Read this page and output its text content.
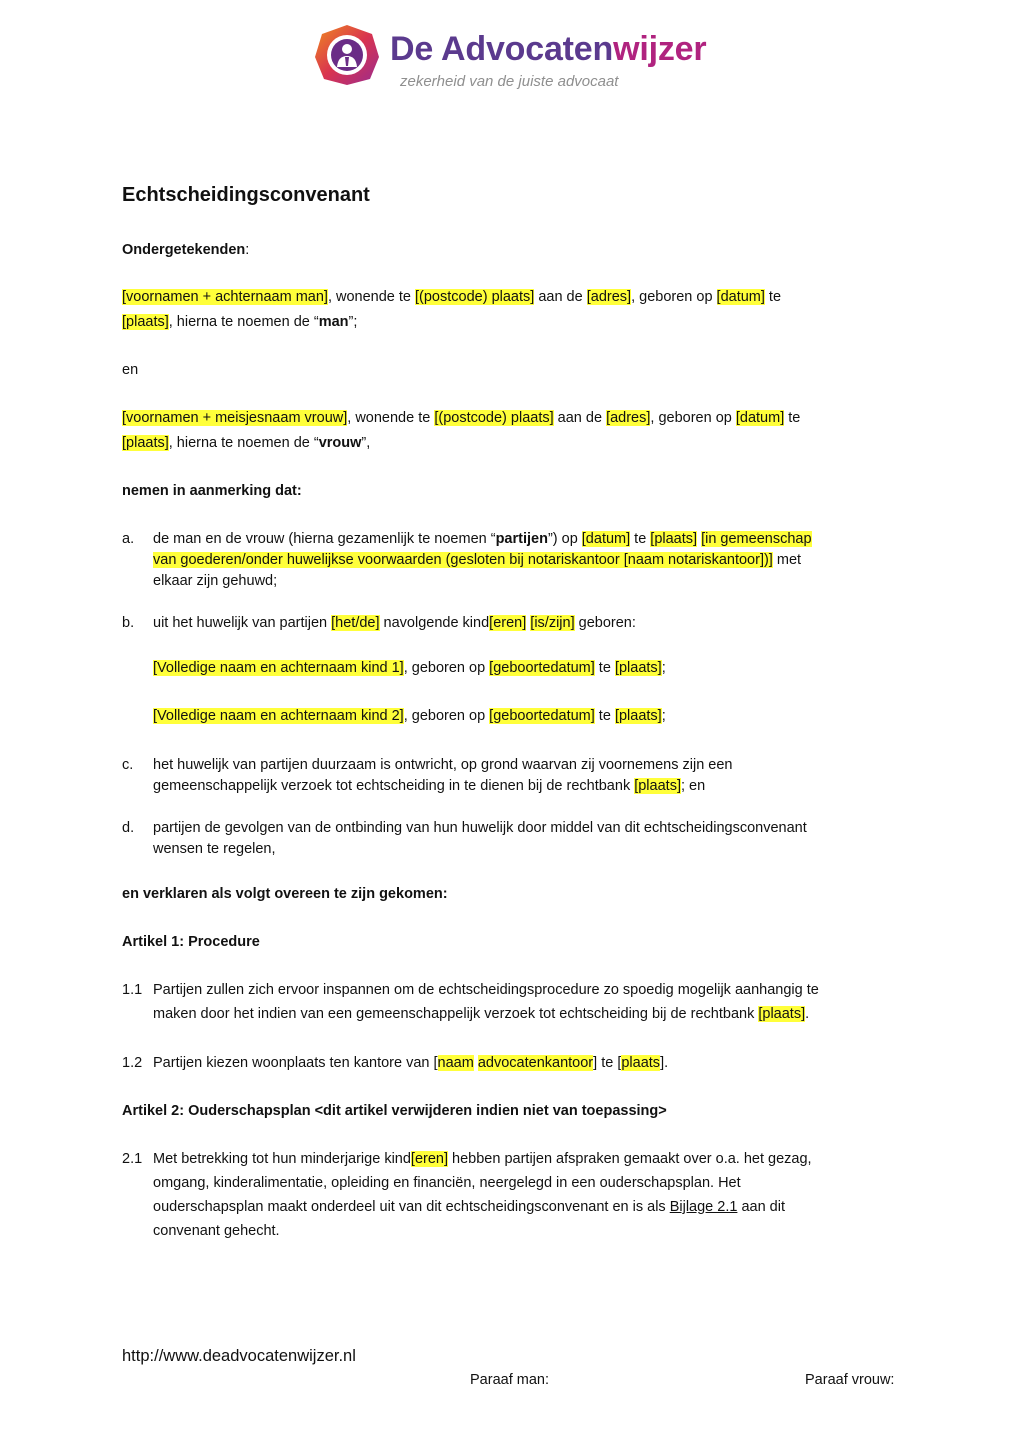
De Advocatenwijzer
zekerheid van de juiste advocaat
Echtscheidingsconvenant
Ondergetekenden:
[voornamen + achternaam man], wonende te [(postcode) plaats] aan de [adres], geboren op [datum] te
[plaats], hierna te noemen de “man”;
en
[voornamen + meisjesnaam vrouw], wonende te [(postcode) plaats] aan de [adres], geboren op [datum] te
[plaats], hierna te noemen de “vrouw”,
nemen in aanmerking dat:
a. de man en de vrouw (hierna gezamenlijk te noemen “partijen”) op [datum] te [plaats] [in gemeenschap
van goederen/onder huwelijkse voorwaarden (gesloten bij notariskantoor [naam notariskantoor])] met
elkaar zijn gehuwd;
b. uit het huwelijk van partijen [het/de] navolgende kind[eren] [is/zijn] geboren:
[Volledige naam en achternaam kind 1], geboren op [geboortedatum] te [plaats];
[Volledige naam en achternaam kind 2], geboren op [geboortedatum] te [plaats];
c. het huwelijk van partijen duurzaam is ontwricht, op grond waarvan zij voornemens zijn een
gemeenschappelijk verzoek tot echtscheiding in te dienen bij de rechtbank [plaats]; en
d. partijen de gevolgen van de ontbinding van hun huwelijk door middel van dit echtscheidingsconvenant
wensen te regelen,
en verklaren als volgt overeen te zijn gekomen:
Artikel 1: Procedure
1.1 Partijen zullen zich ervoor inspannen om de echtscheidingsprocedure zo spoedig mogelijk aanhangig te
maken door het indien van een gemeenschappelijk verzoek tot echtscheiding bij de rechtbank [plaats].
1.2 Partijen kiezen woonplaats ten kantore van [naam advocatenkantoor] te [plaats].
Artikel 2: Ouderschapsplan <dit artikel verwijderen indien niet van toepassing>
2.1 Met betrekking tot hun minderjarige kind[eren] hebben partijen afspraken gemaakt over o.a. het gezag,
omgang, kinderalimentatie, opleiding en financiën, neergelegd in een ouderschapsplan. Het
ouderschapsplan maakt onderdeel uit van dit echtscheidingsconvenant en is als Bijlage 2.1 aan dit
convenant gehecht.
http://www.deadvocatenwijzer.nl
Paraaf man:	Paraaf vrouw:
